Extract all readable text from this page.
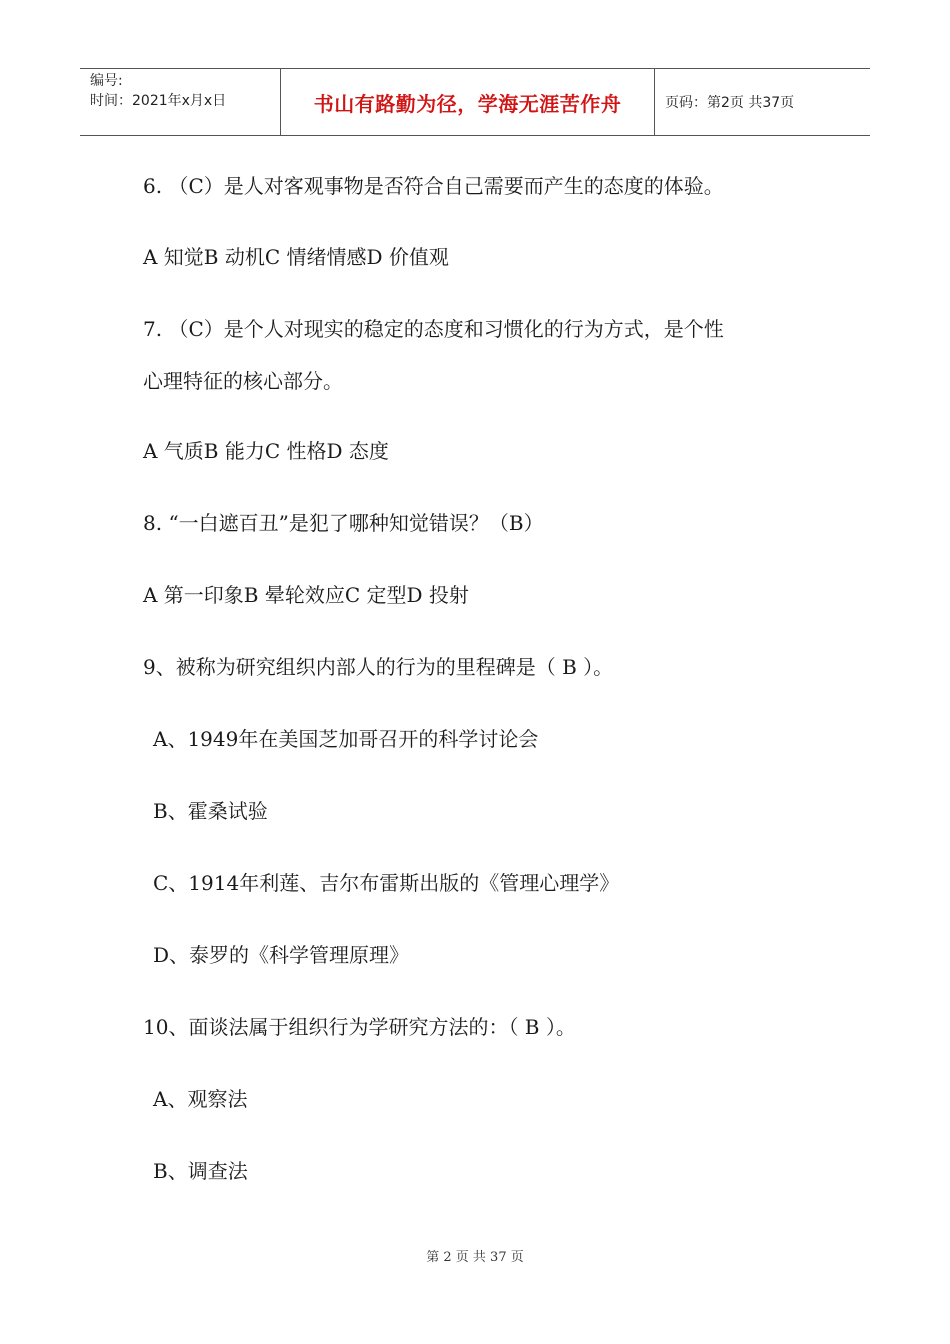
编号:
时间：2021年x月x日	书山有路勤为径，学海无涯苦作舟	页码：第2页 共37页
6. （C）是人对客观事物是否符合自己需要而产生的态度的体验。
A 知觉B 动机C 情绪情感D 价值观
7. （C）是个人对现实的稳定的态度和习惯化的行为方式，是个性
心理特征的核心部分。
A 气质B 能力C 性格D 态度
8. “一白遮百丑”是犯了哪种知觉错误？（B）
A 第一印象B 晕轮效应C 定型D 投射
9、被称为研究组织内部人的行为的里程碑是（ B ）。
A、1949年在美国芝加哥召开的科学讨论会
B、霍桑试验
C、1914年利莲、吉尔布雷斯出版的《管理心理学》
D、泰罗的《科学管理原理》
10、面谈法属于组织行为学研究方法的：（ B ）。
A、观察法
B、调查法
第 2 页 共 37 页
